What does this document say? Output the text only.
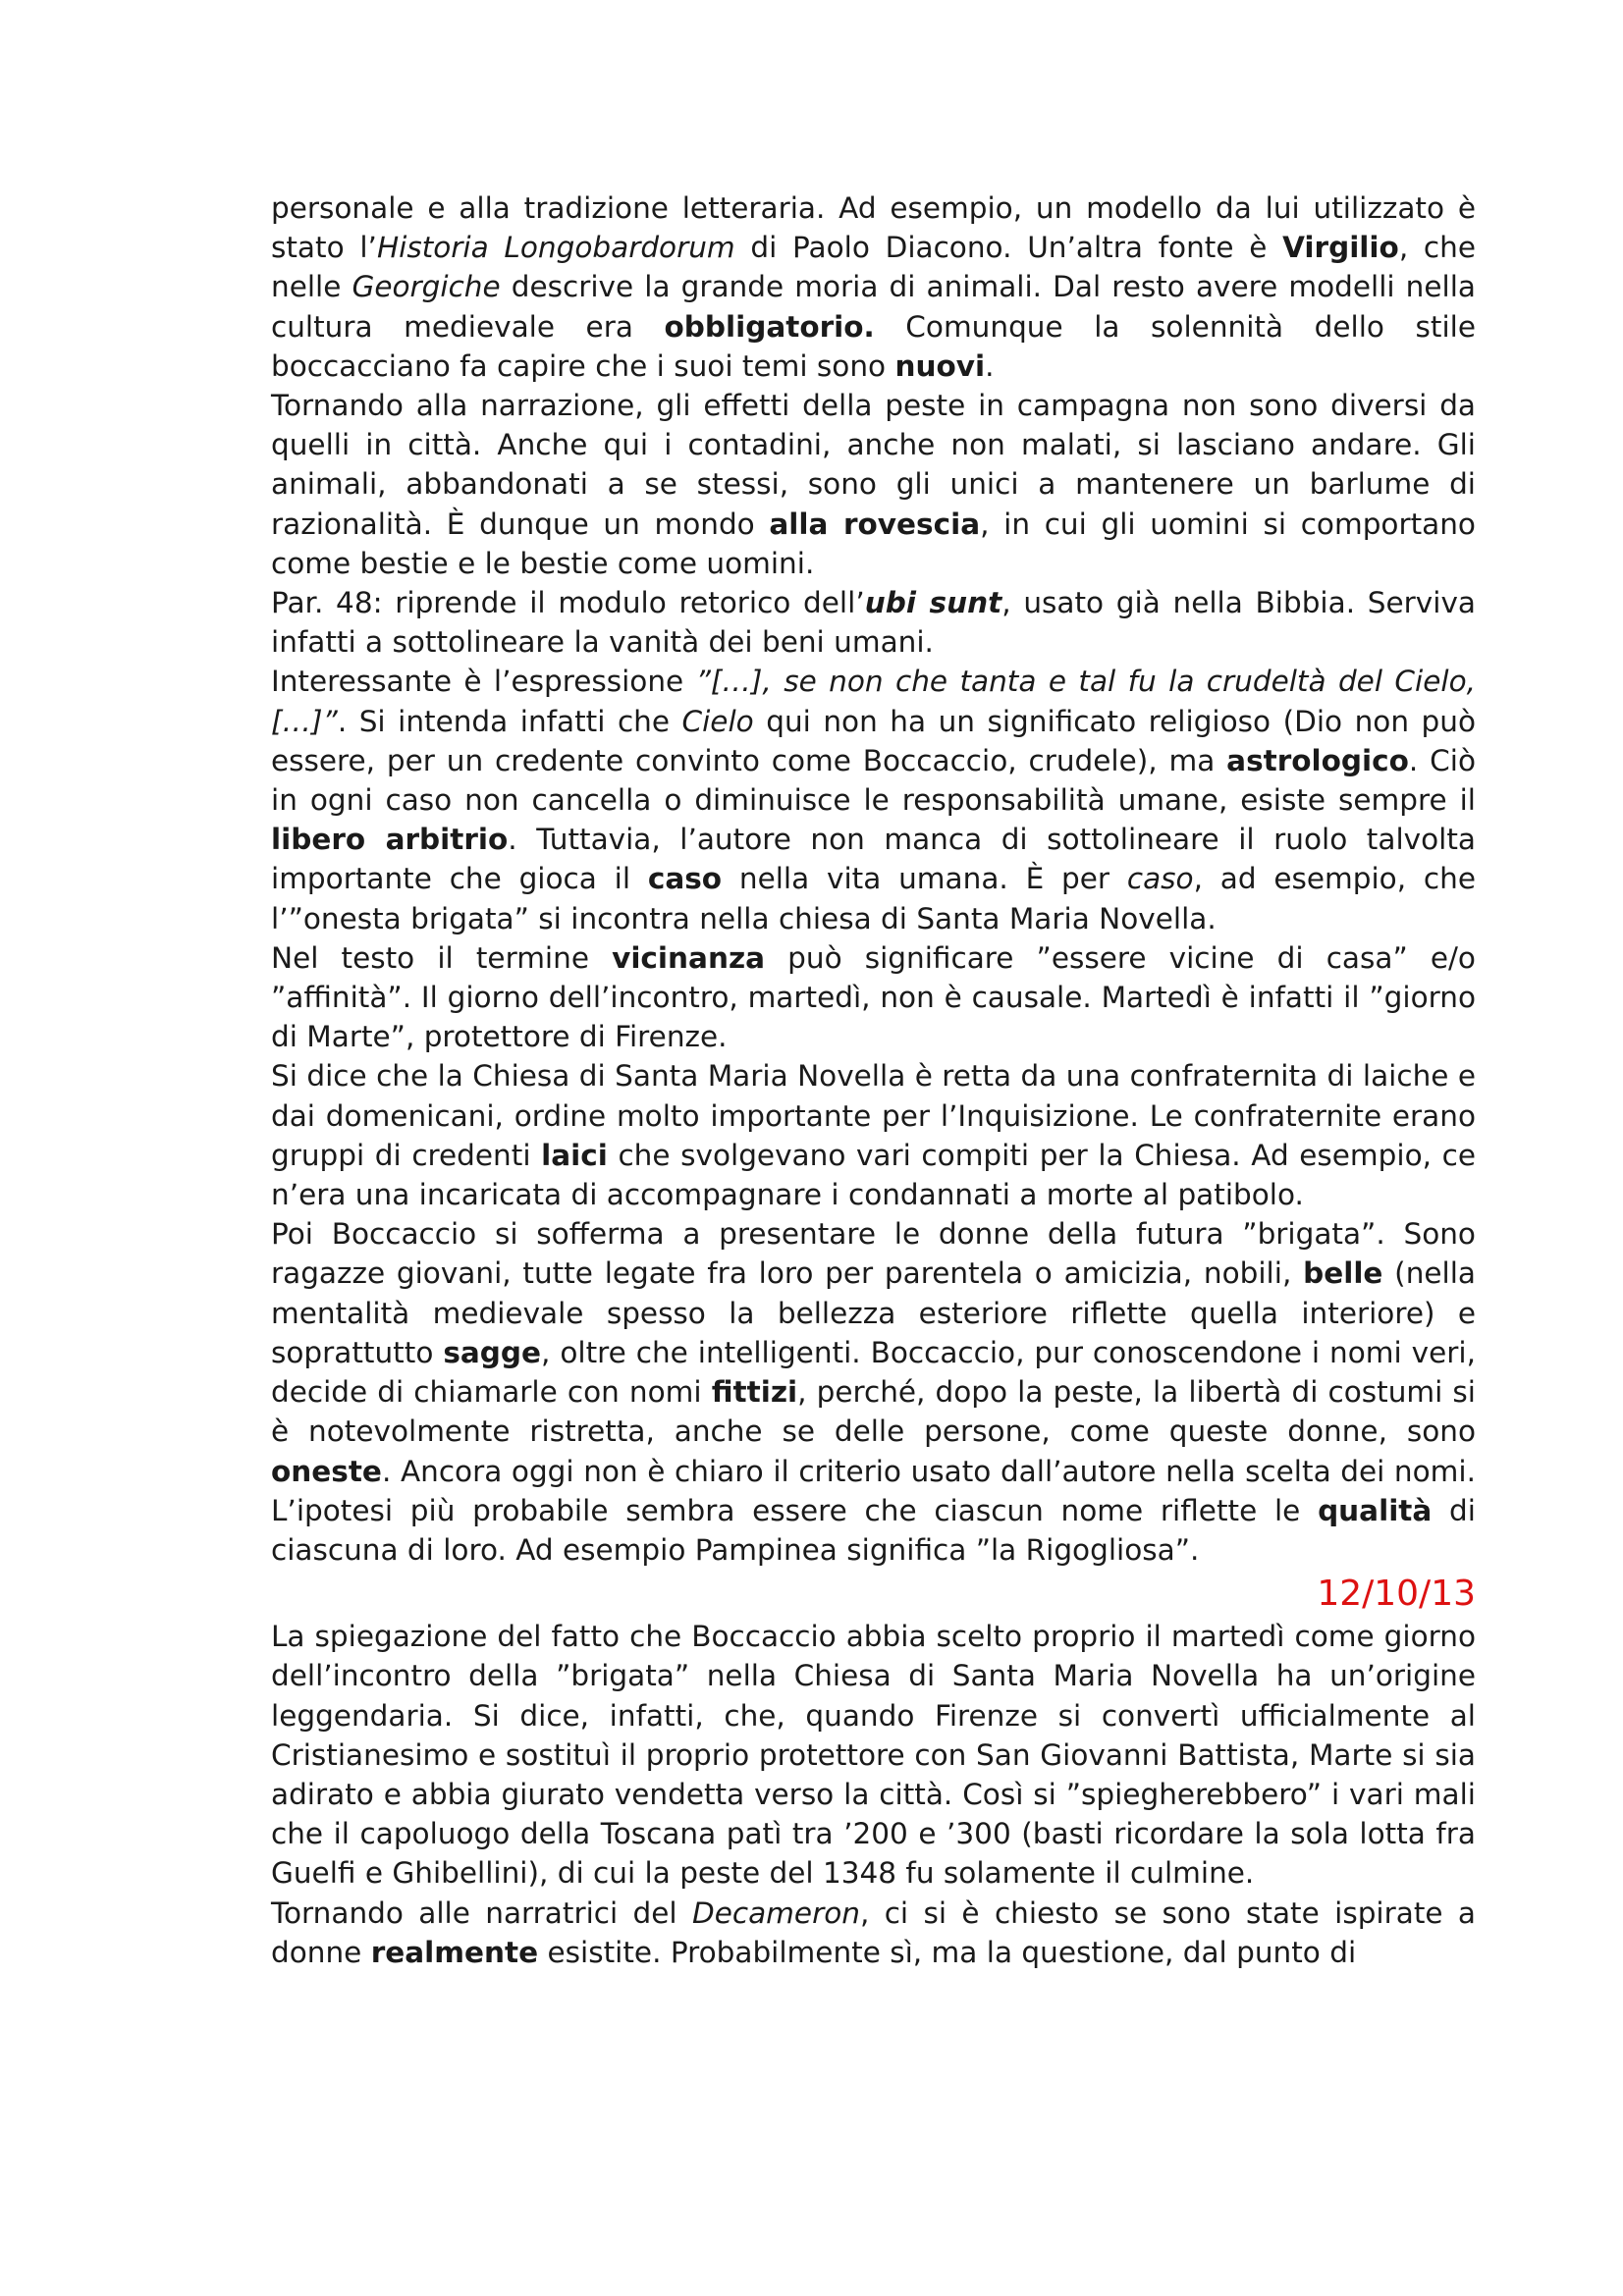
personale e alla tradizione letteraria. Ad esempio, un modello da lui utilizzato è stato l’Historia Longobardorum di Paolo Diacono. Un’altra fonte è Virgilio, che nelle Georgiche descrive la grande moria di animali. Dal resto avere modelli nella cultura medievale era obbligatorio. Comunque la solennità dello stile boccacciano fa capire che i suoi temi sono nuovi.

Tornando alla narrazione, gli effetti della peste in campagna non sono diversi da quelli in città. Anche qui i contadini, anche non malati, si lasciano andare. Gli animali, abbandonati a se stessi, sono gli unici a mantenere un barlume di razionalità. È dunque un mondo alla rovescia, in cui gli uomini si comportano come bestie e le bestie come uomini.

Par. 48: riprende il modulo retorico dell’ubi sunt, usato già nella Bibbia. Serviva infatti a sottolineare la vanità dei beni umani.

Interessante è l’espressione ”[…], se non che tanta e tal fu la crudeltà del Cielo, […]”. Si intenda infatti che Cielo qui non ha un significato religioso (Dio non può essere, per un credente convinto come Boccaccio, crudele), ma astrologico. Ciò in ogni caso non cancella o diminuisce le responsabilità umane, esiste sempre il libero arbitrio. Tuttavia, l’autore non manca di sottolineare il ruolo talvolta importante che gioca il caso nella vita umana. È per caso, ad esempio, che l’”onesta brigata” si incontra nella chiesa di Santa Maria Novella.

Nel testo il termine vicinanza può significare ”essere vicine di casa” e/o ”affinità”. Il giorno dell’incontro, martedì, non è causale. Martedì è infatti il ”giorno di Marte”, protettore di Firenze.

Si dice che la Chiesa di Santa Maria Novella è retta da una confraternita di laiche e dai domenicani, ordine molto importante per l’Inquisizione. Le confraternite erano gruppi di credenti laici che svolgevano vari compiti per la Chiesa. Ad esempio, ce n’era una incaricata di accompagnare i condannati a morte al patibolo.

Poi Boccaccio si sofferma a presentare le donne della futura ”brigata”. Sono ragazze giovani, tutte legate fra loro per parentela o amicizia, nobili, belle (nella mentalità medievale spesso la bellezza esteriore riflette quella interiore) e soprattutto sagge, oltre che intelligenti. Boccaccio, pur conoscendone i nomi veri, decide di chiamarle con nomi fittizi, perché, dopo la peste, la libertà di costumi si è notevolmente ristretta, anche se delle persone, come queste donne, sono oneste. Ancora oggi non è chiaro il criterio usato dall’autore nella scelta dei nomi. L’ipotesi più probabile sembra essere che ciascun nome riflette le qualità di ciascuna di loro. Ad esempio Pampinea significa ”la Rigogliosa”.

12/10/13

La spiegazione del fatto che Boccaccio abbia scelto proprio il martedì come giorno dell’incontro della ”brigata” nella Chiesa di Santa Maria Novella ha un’origine leggendaria. Si dice, infatti, che, quando Firenze si convertì ufficialmente al Cristianesimo e sostituì il proprio protettore con San Giovanni Battista, Marte si sia adirato e abbia giurato vendetta verso la città. Così si ”spiegherebbero” i vari mali che il capoluogo della Toscana patì tra ’200 e ’300 (basti ricordare la sola lotta fra Guelfi e Ghibellini), di cui la peste del 1348 fu solamente il culmine.

Tornando alle narratrici del Decameron, ci si è chiesto se sono state ispirate a donne realmente esistite. Probabilmente sì, ma la questione, dal punto di
